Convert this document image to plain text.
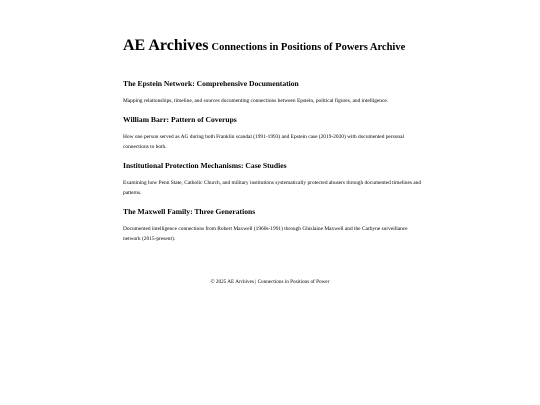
AE Archives Connections in Positions of Powers Archive
The Epstein Network: Comprehensive Documentation

Mapping relationships, timeline, and sources documenting connections between Epstein, political figures, and intelligence.

William Barr: Pattern of Coverups

How one person served as AG during both Franklin scandal (1991-1993) and Epstein case (2019-2020) with documented personal connections to both.

Institutional Protection Mechanisms: Case Studies

Examining how Penn State, Catholic Church, and military institutions systematically protected abusers through documented timelines and patterns.

The Maxwell Family: Three Generations

Documented intelligence connections from Robert Maxwell (1960s-1991) through Ghislaine Maxwell and the Carbyne surveillance network (2015-present).

© 2025 AE Archives | Connections in Positions of Power
